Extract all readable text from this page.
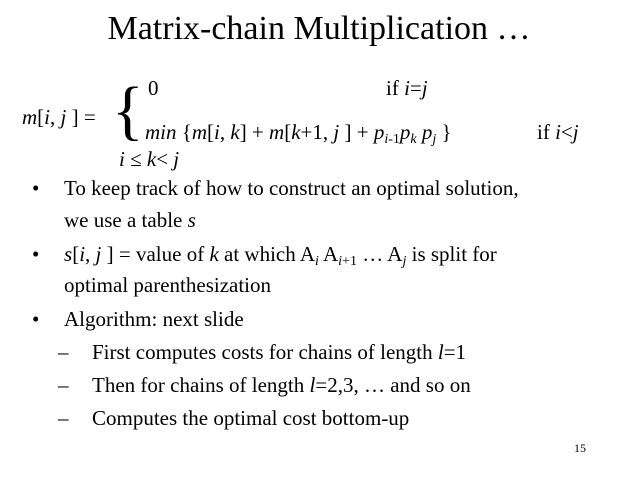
Matrix-chain Multiplication …
m[i, j ] = { 0	if i=j
min {m[i, k] + m[k+1, j ] + $p_{i-1}p_k$ $p_j$ }	if i<j
i ≤ k< j
• To keep track of how to construct an optimal solution,
we use a table s
• s[i, j ] = value of k at which $A_i$ $A_{i+1}$ … $A_j$ is split for
optimal parenthesization
• Algorithm: next slide
– First computes costs for chains of length l=1
– Then for chains of length l=2,3, … and so on
– Computes the optimal cost bottom-up
15
